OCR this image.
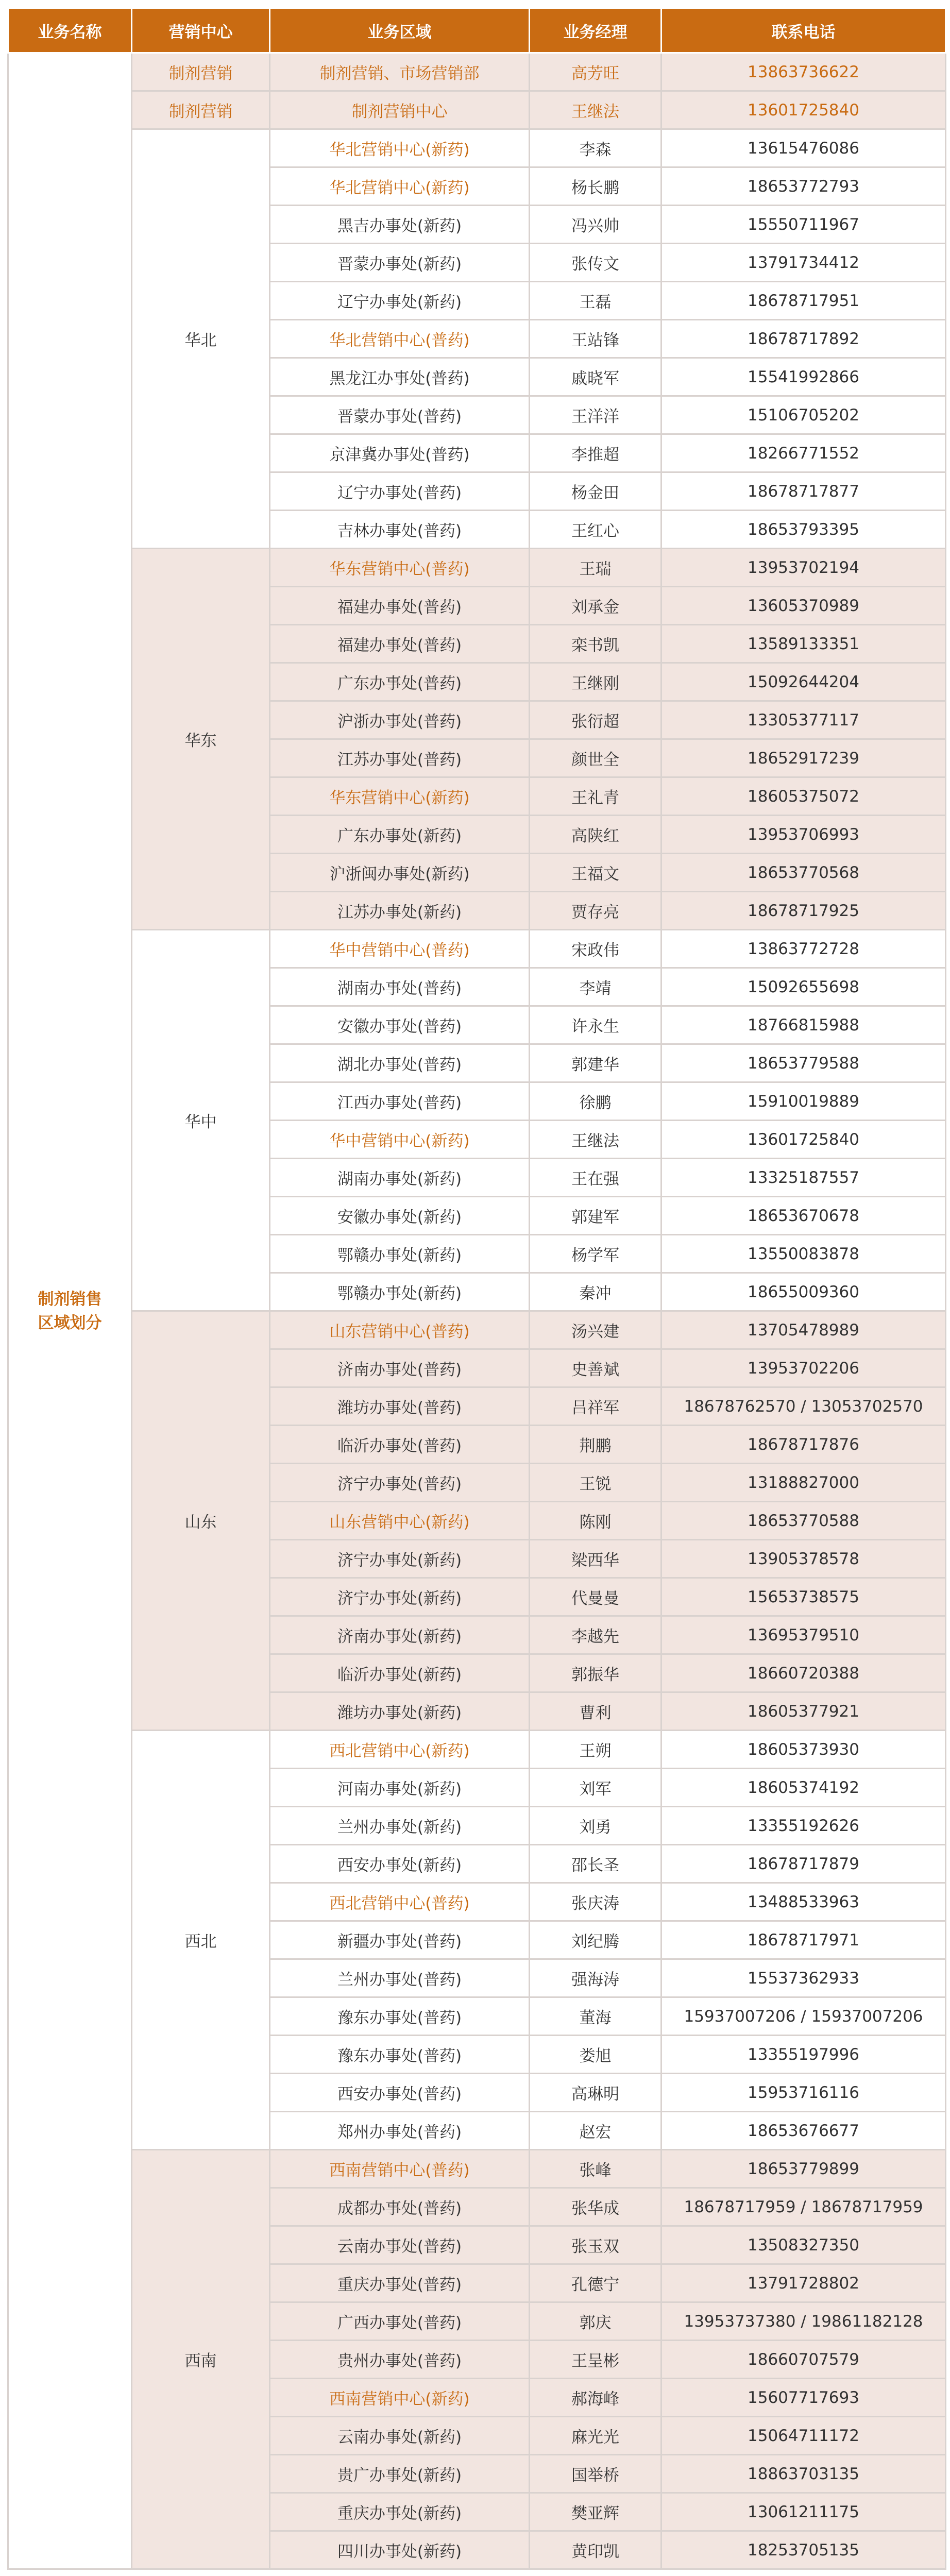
业务名称	营销中心	业务区域	业务经理	联系电话
制剂销售
区域划分	制剂营销	制剂营销、市场营销部	高芳旺	13863736622
	制剂营销	制剂营销中心	王继法	13601725840
	华北	华北营销中心(新药)	李森	13615476086
		华北营销中心(新药)	杨长鹏	18653772793
		黑吉办事处(新药)	冯兴帅	15550711967
		晋蒙办事处(新药)	张传文	13791734412
		辽宁办事处(新药)	王磊	18678717951
		华北营销中心(普药)	王站锋	18678717892
		黑龙江办事处(普药)	戚晓军	15541992866
		晋蒙办事处(普药)	王洋洋	15106705202
		京津冀办事处(普药)	李推超	18266771552
		辽宁办事处(普药)	杨金田	18678717877
		吉林办事处(普药)	王红心	18653793395
	华东	华东营销中心(普药)	王瑞	13953702194
		福建办事处(普药)	刘承金	13605370989
		福建办事处(普药)	栾书凯	13589133351
		广东办事处(普药)	王继刚	15092644204
		沪浙办事处(普药)	张衍超	13305377117
		江苏办事处(普药)	颜世全	18652917239
		华东营销中心(新药)	王礼青	18605375072
		广东办事处(新药)	高陕红	13953706993
		沪浙闽办事处(新药)	王福文	18653770568
		江苏办事处(新药)	贾存亮	18678717925
	华中	华中营销中心(普药)	宋政伟	13863772728
		湖南办事处(普药)	李靖	15092655698
		安徽办事处(普药)	许永生	18766815988
		湖北办事处(普药)	郭建华	18653779588
		江西办事处(普药)	徐鹏	15910019889
		华中营销中心(新药)	王继法	13601725840
		湖南办事处(新药)	王在强	13325187557
		安徽办事处(新药)	郭建军	18653670678
		鄂赣办事处(新药)	杨学军	13550083878
		鄂赣办事处(新药)	秦冲	18655009360
	山东	山东营销中心(普药)	汤兴建	13705478989
		济南办事处(普药)	史善斌	13953702206
		潍坊办事处(普药)	吕祥军	18678762570 / 13053702570
		临沂办事处(普药)	荆鹏	18678717876
		济宁办事处(普药)	王锐	13188827000
		山东营销中心(新药)	陈刚	18653770588
		济宁办事处(新药)	梁西华	13905378578
		济宁办事处(新药)	代曼曼	15653738575
		济南办事处(新药)	李越先	13695379510
		临沂办事处(新药)	郭振华	18660720388
		潍坊办事处(新药)	曹利	18605377921
	西北	西北营销中心(新药)	王朔	18605373930
		河南办事处(新药)	刘军	18605374192
		兰州办事处(新药)	刘勇	13355192626
		西安办事处(新药)	邵长圣	18678717879
		西北营销中心(普药)	张庆涛	13488533963
		新疆办事处(普药)	刘纪腾	18678717971
		兰州办事处(普药)	强海涛	15537362933
		豫东办事处(普药)	董海	15937007206 / 15937007206
		豫东办事处(普药)	娄旭	13355197996
		西安办事处(普药)	高琳明	15953716116
		郑州办事处(普药)	赵宏	18653676677
	西南	西南营销中心(普药)	张峰	18653779899
		成都办事处(普药)	张华成	18678717959 / 18678717959
		云南办事处(普药)	张玉双	13508327350
		重庆办事处(普药)	孔德宁	13791728802
		广西办事处(普药)	郭庆	13953737380 / 19861182128
		贵州办事处(普药)	王呈彬	18660707579
		西南营销中心(新药)	郝海峰	15607717693
		云南办事处(新药)	麻光光	15064711172
		贵广办事处(新药)	国举桥	18863703135
		重庆办事处(新药)	樊亚辉	13061211175
		四川办事处(新药)	黄印凯	18253705135
